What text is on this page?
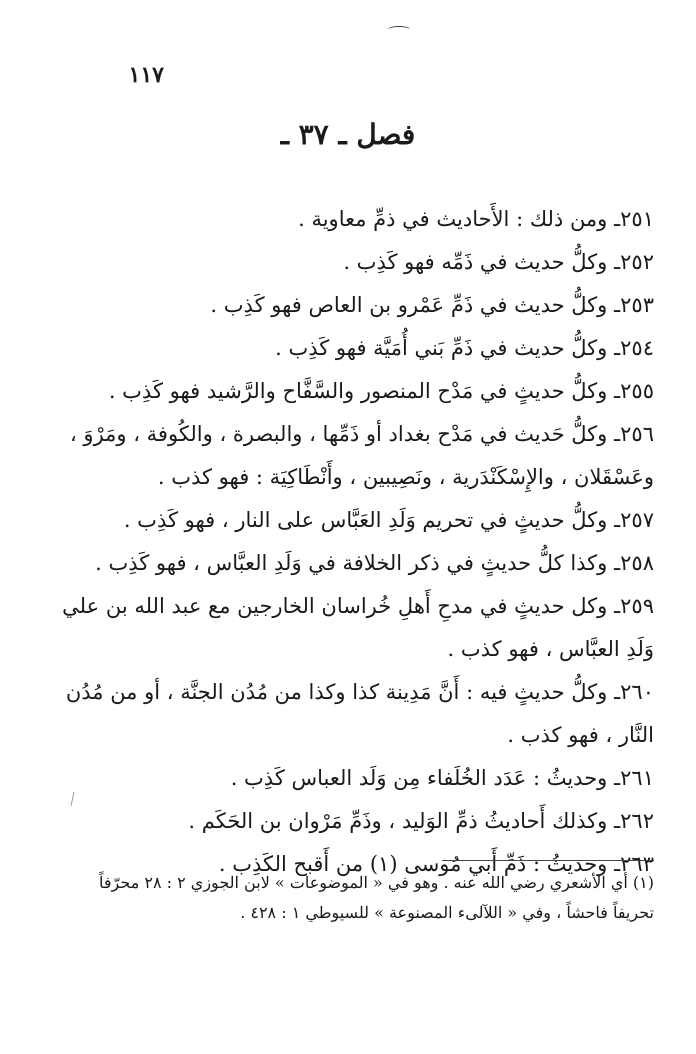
١١٧
فصل ـ ٣٧ ـ

٢٥١ـ ومن ذلك : الأَحاديث في ذمِّ معاوية .

٢٥٢ـ وكلُّ حديث في ذَمِّه فهو كَذِب .

٢٥٣ـ وكلُّ حديث في ذَمِّ عَمْرو بن العاص فهو كَذِب .

٢٥٤ـ وكلُّ حديث في ذَمِّ بَني أُمَيَّة فهو كَذِب .

٢٥٥ـ وكلُّ حديثٍ في مَدْح المنصور والسَّفَّاح والرَّشيد فهو كَذِب .

٢٥٦ـ وكلُّ حَديث في مَدْح بغداد أو ذَمِّها ، والبصرة ، والكُوفة ، ومَرْوَ ، وعَسْقَلان ، والإِسْكَنْدَرية ، ونَصِيبين ، وأَنْطَاكِيَة : فهو كذب .

٢٥٧ـ وكلُّ حديثٍ في تحريم وَلَدِ العَبَّاس على النار ، فهو كَذِب .

٢٥٨ـ وكذا كلُّ حديثٍ في ذكر الخلافة في وَلَدِ العبَّاس ، فهو كَذِب .

٢٥٩ـ وكل حديثٍ في مدحِ أَهلِ خُراسان الخارجين مع عبد الله بن علي وَلَدِ العبَّاس ، فهو كذب .

٢٦٠ـ وكلُّ حديثٍ فيه : أَنَّ مَدِينة كذا وكذا من مُدُن الجنَّة ، أو من مُدُن النَّار ، فهو كذب .

٢٦١ـ وحديثُ : عَدَد الخُلَفاء مِن وَلَد العباس كَذِب .

٢٦٢ـ وكذلك أَحاديثُ ذمِّ الوَليد ، وذَمِّ مَرْوان بن الحَكَم .

٢٦٣ـ وحديثُ : ذَمِّ أَبي مُوسى (١) من أَقبح الكَذِب .

(١) أي الأشعري رضي الله عنه . وهو في « الموضوعات » لابن الجوزي ٢ : ٢٨ محرّفاً

تحريفاً فاحشاً ، وفي « اللآلىء المصنوعة » للسيوطي ١ : ٤٢٨ .
